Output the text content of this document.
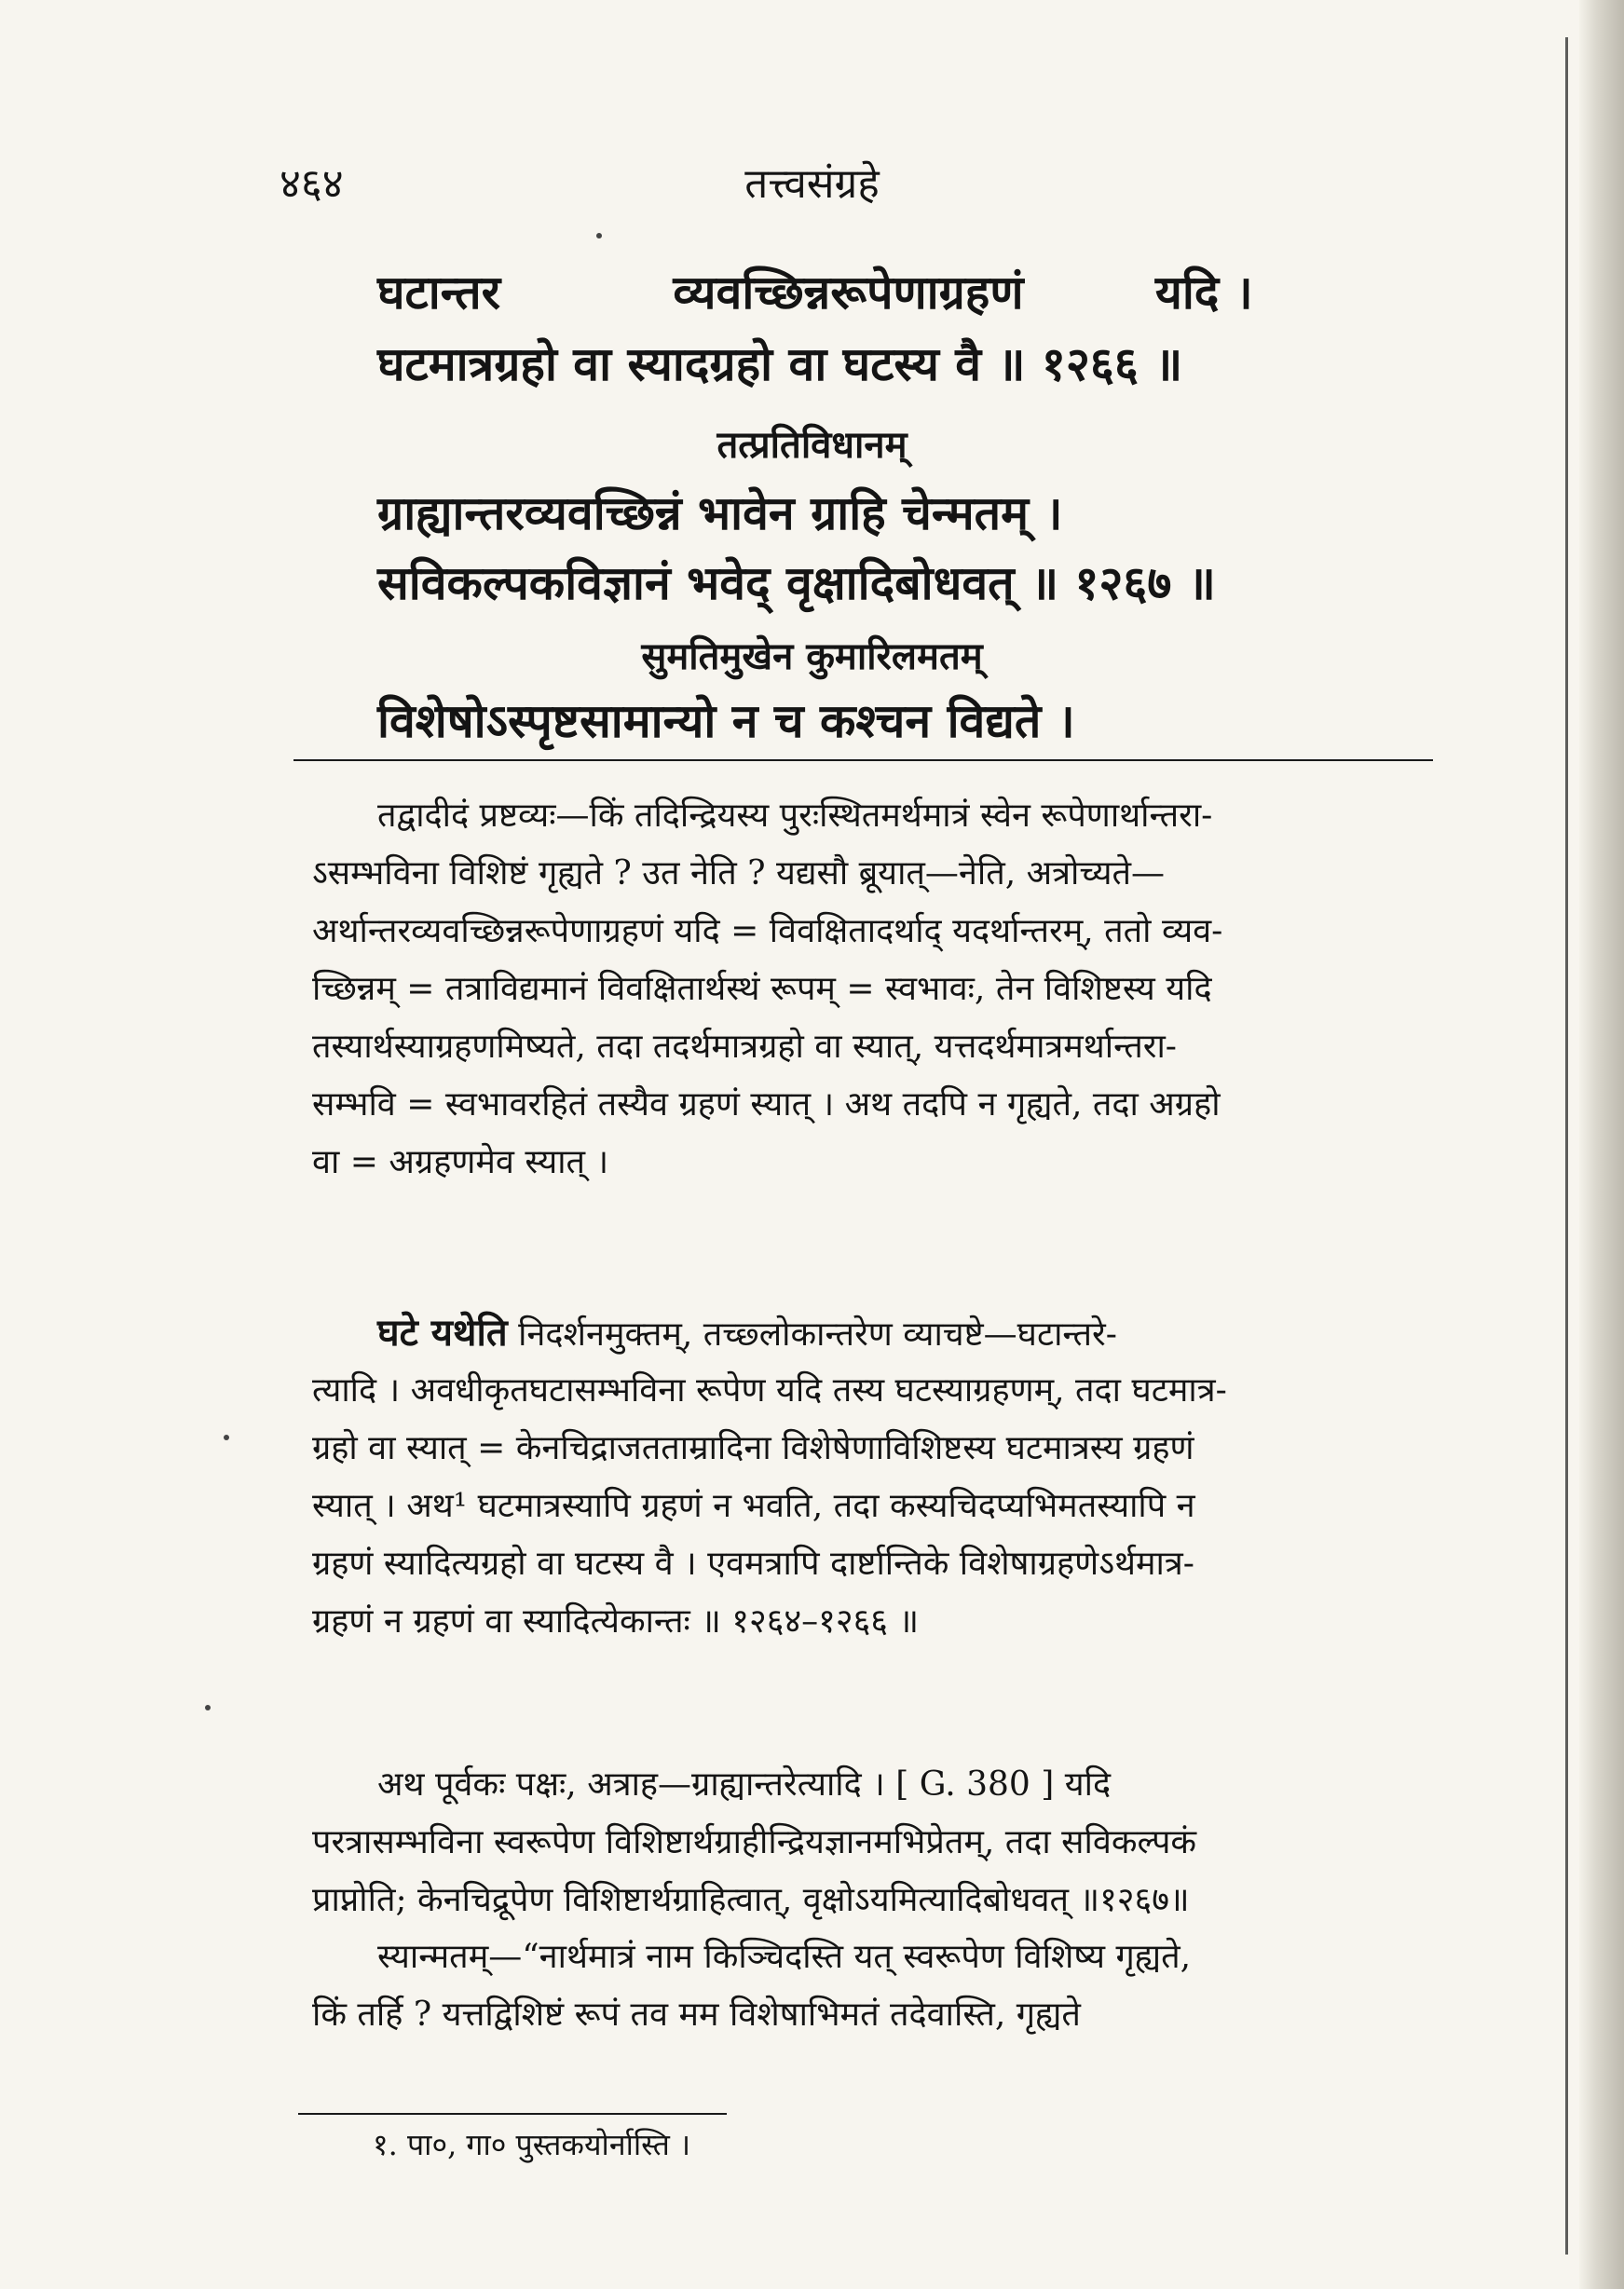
४६४	तत्त्वसंग्रहे
घटान्तर	व्यवच्छिन्नरूपेणाग्रहणं	यदि ।
घटमात्रग्रहो वा स्यादग्रहो वा घटस्य वै ॥ १२६६ ॥
तत्प्रतिविधानम्
ग्राह्यान्तरव्यवच्छिन्नं भावेन ग्राहि चेन्मतम् ।
सविकल्पकविज्ञानं भवेद् वृक्षादिबोधवत् ॥ १२६७ ॥
सुमतिमुखेन कुमारिलमतम्
विशेषोऽस्पृष्टसामान्यो न च कश्चन विद्यते ।
तद्वादीदं प्रष्टव्यः—किं तदिन्द्रियस्य पुरःस्थितमर्थमात्रं स्वेन रूपेणार्थान्तरा-
ऽसम्भविना विशिष्टं गृह्यते ? उत नेति ? यद्यसौ ब्रूयात्—नेति, अत्रोच्यते—
अर्थान्तरव्यवच्छिन्नरूपेणाग्रहणं यदि = विवक्षितादर्थाद् यदर्थान्तरम्, ततो व्यव-
च्छिन्नम् = तत्राविद्यमानं विवक्षितार्थस्थं रूपम् = स्वभावः, तेन विशिष्टस्य यदि
तस्यार्थस्याग्रहणमिष्यते, तदा तदर्थमात्रग्रहो वा स्यात्, यत्तदर्थमात्रमर्थान्तरा-
सम्भवि = स्वभावरहितं तस्यैव ग्रहणं स्यात् । अथ तदपि न गृह्यते, तदा अग्रहो
वा = अग्रहणमेव स्यात् ।
घटे यथेति निदर्शनमुक्तम्, तच्छ्लोकान्तरेण व्याचष्टे—घटान्तरे-
त्यादि । अवधीकृतघटासम्भविना रूपेण यदि तस्य घटस्याग्रहणम्, तदा घटमात्र-
ग्रहो वा स्यात् = केनचिद्राजतताम्रादिना विशेषेणाविशिष्टस्य घटमात्रस्य ग्रहणं
स्यात् । अथ¹ घटमात्रस्यापि ग्रहणं न भवति, तदा कस्यचिदप्यभिमतस्यापि न
ग्रहणं स्यादित्यग्रहो वा घटस्य वै । एवमत्रापि दार्ष्टान्तिके विशेषाग्रहणेऽर्थमात्र-
ग्रहणं न ग्रहणं वा स्यादित्येकान्तः ॥ १२६४–१२६६ ॥
अथ पूर्वकः पक्षः, अत्राह—ग्राह्यान्तरेत्यादि । [ G. 380 ] यदि
परत्रासम्भविना स्वरूपेण विशिष्टार्थग्राहीन्द्रियज्ञानमभिप्रेतम्, तदा सविकल्पकं
प्राप्नोति; केनचिद्रूपेण विशिष्टार्थग्राहित्वात्, वृक्षोऽयमित्यादिबोधवत् ॥१२६७॥
स्यान्मतम्—“नार्थमात्रं नाम किञ्चिदस्ति यत् स्वरूपेण विशिष्य गृह्यते,
किं तर्हि ? यत्तद्विशिष्टं रूपं तव मम विशेषाभिमतं तदेवास्ति, गृह्यते
१. पा०, गा० पुस्तकयोर्नास्ति ।
